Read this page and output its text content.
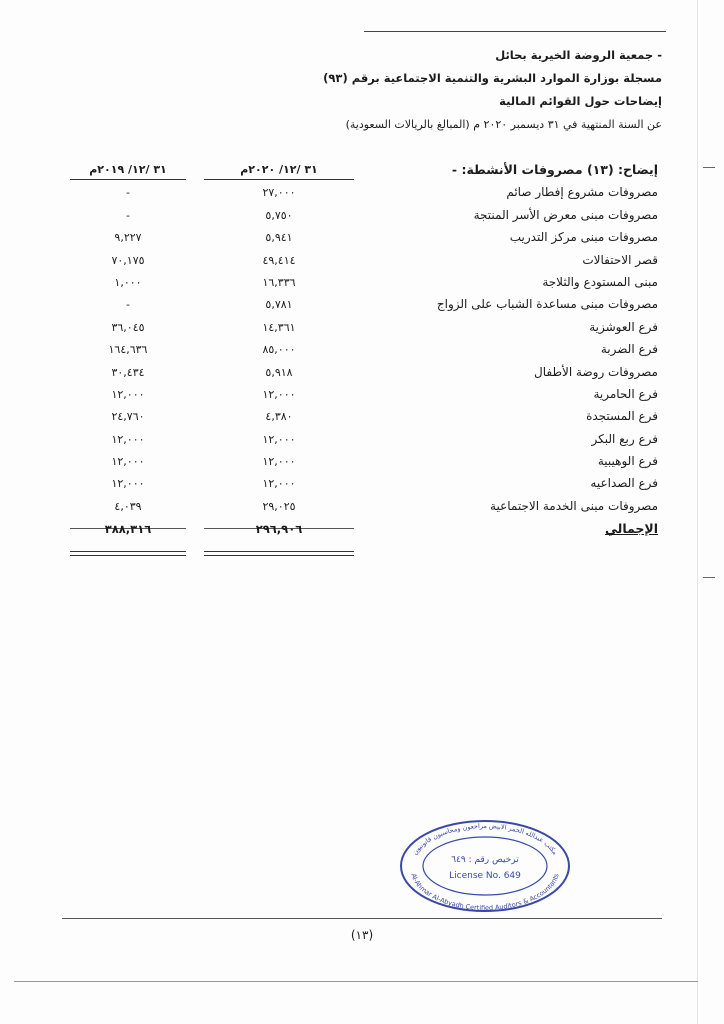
- جمعية الروضة الخيرية بحائل
مسجلة بوزارة الموارد البشرية والتنمية الاجتماعية برقم (٩٣)
إيضاحات حول القوائم المالية
عن السنة المنتهية في ٣١ ديسمبر ٢٠٢٠ م (المبالغ بالريالات السعودية)
إيضاح: (١٣) مصروفات الأنشطة: -
٣١ /١٢/ ٢٠٢٠م
٣١ /١٢/ ٢٠١٩م
مصروفات مشروع إفطار صائم
٢٧,٠٠٠
-
مصروفات مبنى معرض الأسر المنتجة
٥,٧٥٠
-
مصروفات مبنى مركز التدريب
٥,٩٤١
٩,٢٢٧
قصر الاحتفالات
٤٩,٤١٤
٧٠,١٧٥
مبنى المستودع والثلاجة
١٦,٣٣٦
١,٠٠٠
مصروفات مبنى مساعدة الشباب على الزواج
٥,٧٨١
-
فرع العوشزية
١٤,٣٦١
٣٦,٠٤٥
فرع الضربة
٨٥,٠٠٠
١٦٤,٦٣٦
مصروفات روضة الأطفال
٥,٩١٨
٣٠,٤٣٤
فرع الحامرية
١٢,٠٠٠
١٢,٠٠٠
فرع المستجدة
٤,٣٨٠
٢٤,٧٦٠
فرع ربع البكر
١٢,٠٠٠
١٢,٠٠٠
فرع الوهيبية
١٢,٠٠٠
١٢,٠٠٠
فرع الصداعيه
١٢,٠٠٠
١٢,٠٠٠
مصروفات مبنى الخدمة الاجتماعية
٢٩,٠٢٥
٤,٠٣٩
الإجمالي
٢٩٦,٩٠٦
٣٨٨,٣١٦
مكتب عبدالله الحمر الابيض مراجعون ومحاسبون قانونيون
ترخيص رقم : ٦٤٩
License No. 649
Al-Ahmar Al-Abyadh Certified Auditors & Accountants
(١٣)
